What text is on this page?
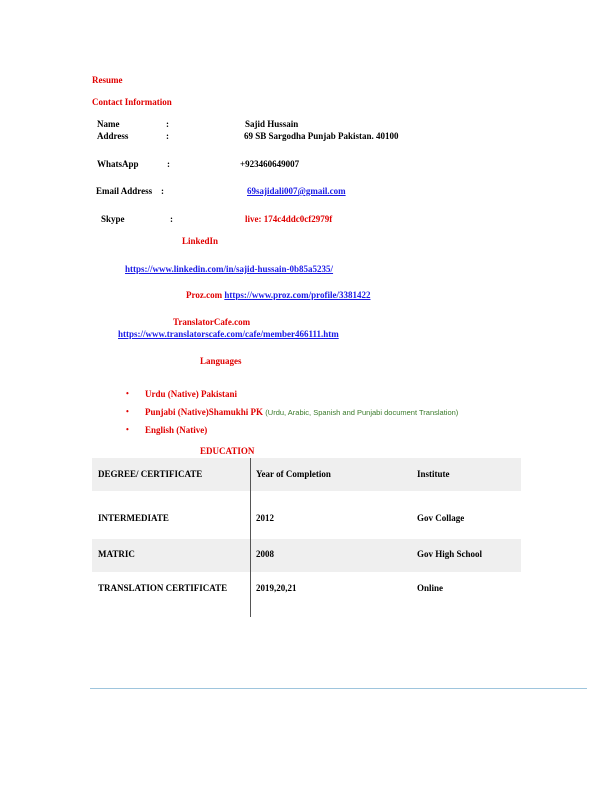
Resume
Contact Information
Name	:	Sajid Hussain
Address	:	69 SB Sargodha Punjab Pakistan. 40100
WhatsApp	:	+923460649007
Email Address :	69sajidali007@gmail.com
Skype	:	live: 174c4ddc0cf2979f
LinkedIn
https://www.linkedin.com/in/sajid-hussain-0b85a5235/
Proz.com https://www.proz.com/profile/3381422
TranslatorCafe.com
https://www.translatorscafe.com/cafe/member466111.htm
Languages
• Urdu (Native) Pakistani
• Punjabi (Native)Shamukhi PK (Urdu, Arabic, Spanish and Punjabi document Translation)
• English (Native)
EDUCATION
DEGREE/ CERTIFICATE	Year of Completion	Institute
INTERMEDIATE	2012	Gov Collage
MATRIC	2008	Gov High School
TRANSLATION CERTIFICATE	2019,20,21	Online
